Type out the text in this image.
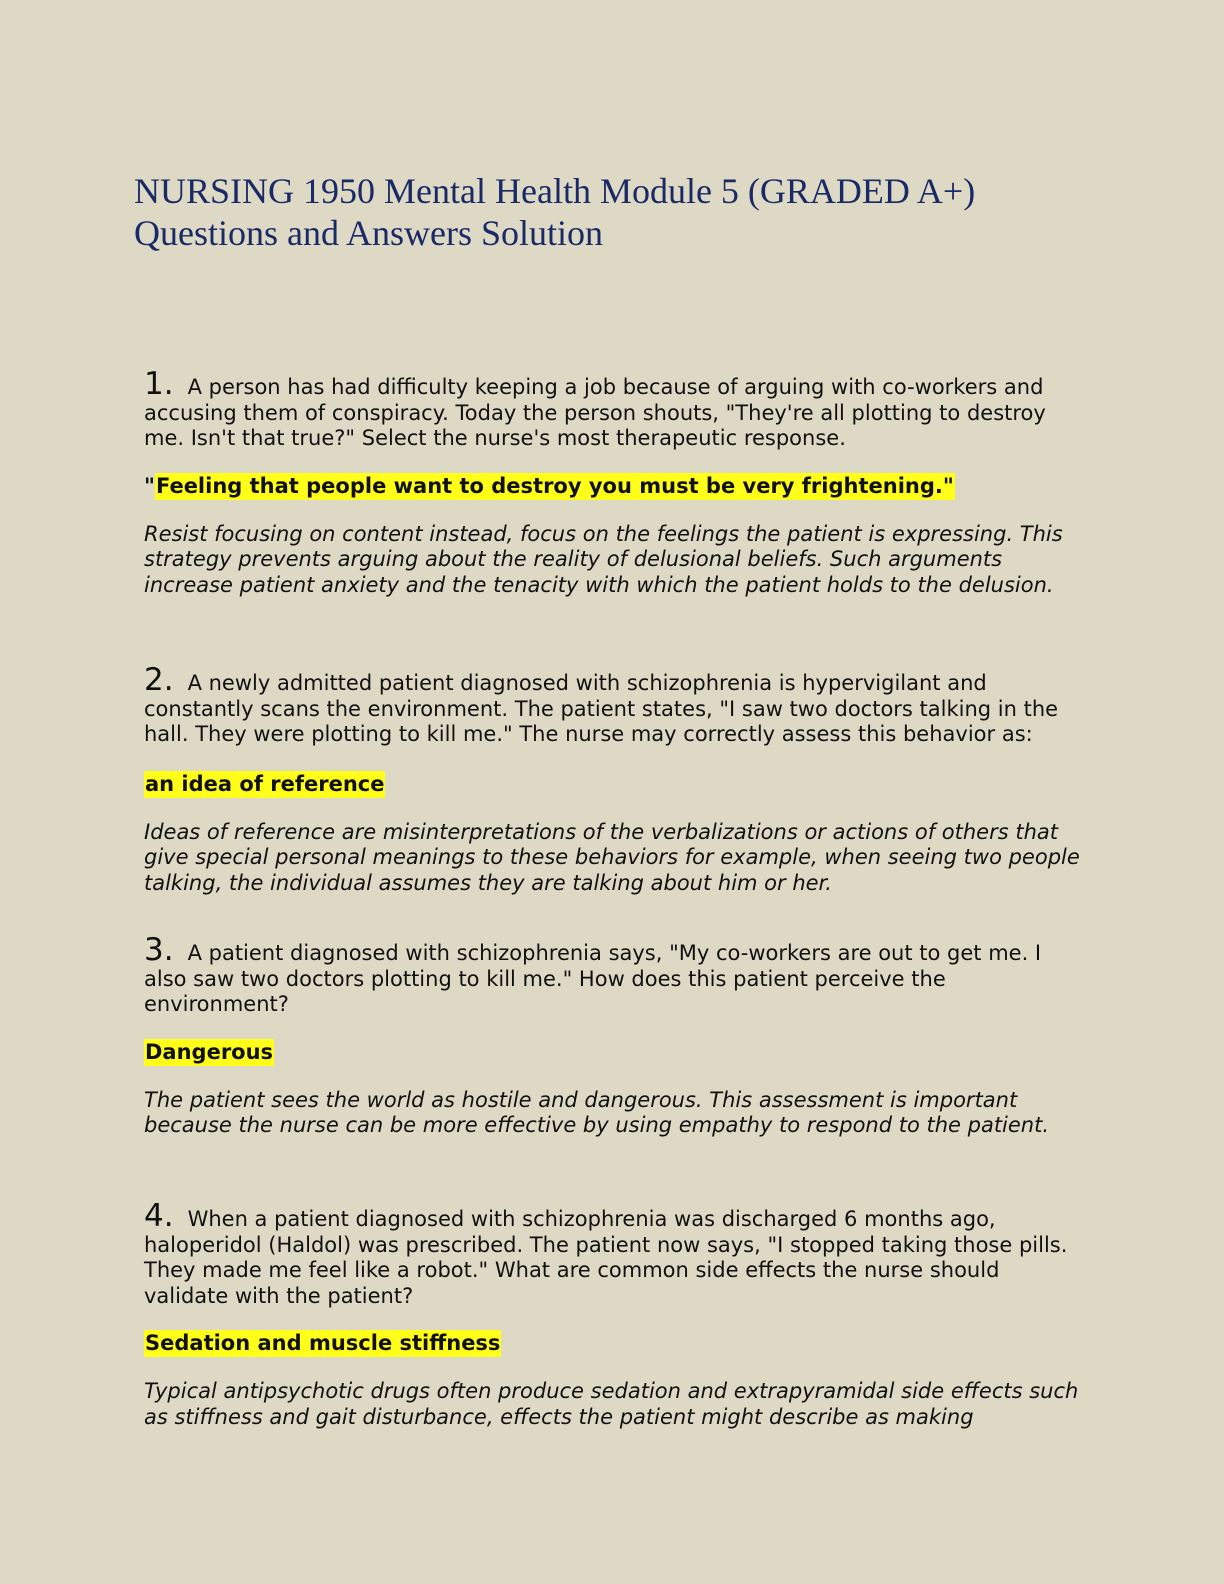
NURSING 1950 Mental Health Module 5 (GRADED A+)
Questions and Answers Solution

1. A person has had difficulty keeping a job because of arguing with co-workers and accusing them of conspiracy. Today the person shouts, "They're all plotting to destroy me. Isn't that true?" Select the nurse's most therapeutic response.

"Feeling that people want to destroy you must be very frightening."

Resist focusing on content instead, focus on the feelings the patient is expressing. This strategy prevents arguing about the reality of delusional beliefs. Such arguments increase patient anxiety and the tenacity with which the patient holds to the delusion.

2. A newly admitted patient diagnosed with schizophrenia is hypervigilant and constantly scans the environment. The patient states, "I saw two doctors talking in the hall. They were plotting to kill me." The nurse may correctly assess this behavior as:

an idea of reference

Ideas of reference are misinterpretations of the verbalizations or actions of others that give special personal meanings to these behaviors for example, when seeing two people talking, the individual assumes they are talking about him or her.

3. A patient diagnosed with schizophrenia says, "My co-workers are out to get me. I also saw two doctors plotting to kill me." How does this patient perceive the environment?

Dangerous

The patient sees the world as hostile and dangerous. This assessment is important because the nurse can be more effective by using empathy to respond to the patient.

4. When a patient diagnosed with schizophrenia was discharged 6 months ago, haloperidol (Haldol) was prescribed. The patient now says, "I stopped taking those pills. They made me feel like a robot." What are common side effects the nurse should validate with the patient?

Sedation and muscle stiffness

Typical antipsychotic drugs often produce sedation and extrapyramidal side effects such as stiffness and gait disturbance, effects the patient might describe as making
